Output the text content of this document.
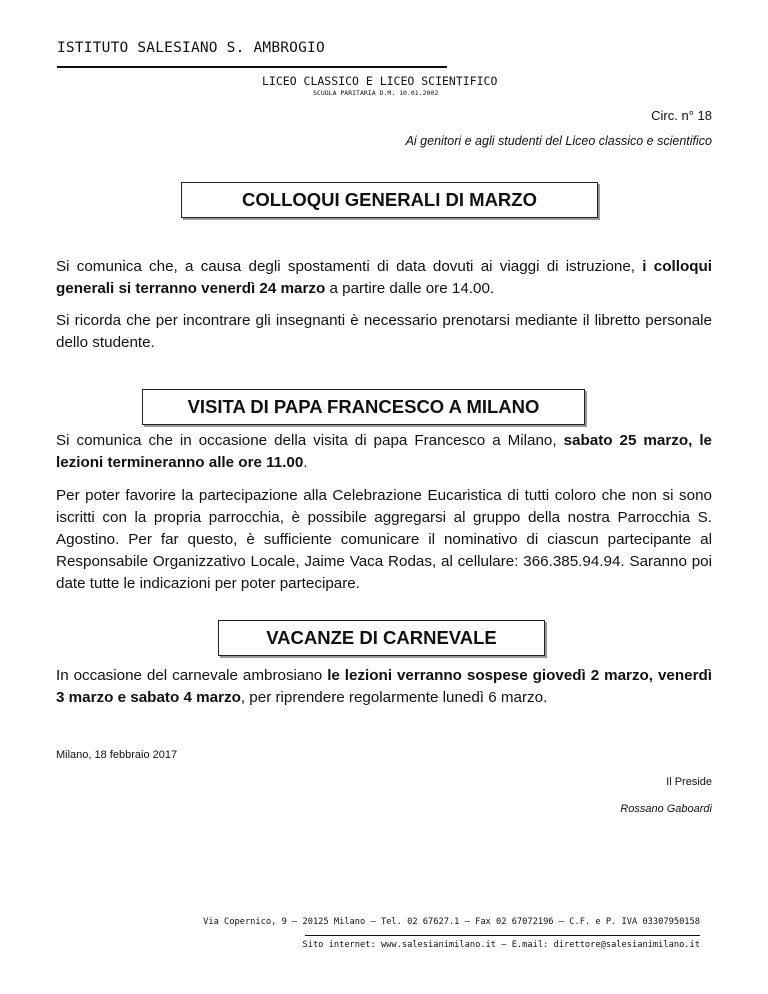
ISTITUTO SALESIANO S. AMBROGIO
LICEO CLASSICO E LICEO SCIENTIFICO
SCUOLA PARITARIA D.M. 10.01.2002
Circ. n° 18
Ai genitori e agli studenti del Liceo classico e scientifico
COLLOQUI GENERALI DI MARZO
Si comunica che, a causa degli spostamenti di data dovuti ai viaggi di istruzione, i colloqui generali si terranno venerdì 24 marzo a partire dalle ore 14.00.
Si ricorda che per incontrare gli insegnanti è necessario prenotarsi mediante il libretto personale dello studente.
VISITA DI PAPA FRANCESCO A MILANO
Si comunica che in occasione della visita di papa Francesco a Milano, sabato 25 marzo, le lezioni termineranno alle ore 11.00.
Per poter favorire la partecipazione alla Celebrazione Eucaristica di tutti coloro che non si sono iscritti con la propria parrocchia, è possibile aggregarsi al gruppo della nostra Parrocchia S. Agostino. Per far questo, è sufficiente comunicare il nominativo di ciascun partecipante al Responsabile Organizzativo Locale, Jaime Vaca Rodas, al cellulare: 366.385.94.94. Saranno poi date tutte le indicazioni per poter partecipare.
VACANZE DI CARNEVALE
In occasione del carnevale ambrosiano le lezioni verranno sospese giovedì 2 marzo, venerdì 3 marzo e sabato 4 marzo, per riprendere regolarmente lunedì 6 marzo.
Milano, 18 febbraio 2017
Il Preside
Rossano Gaboardi
Via Copernico, 9 – 20125 Milano – Tel. 02 67627.1 – Fax 02 67072196 – C.F. e P. IVA 03307950158
Sito internet: www.salesianimilano.it – E.mail: direttore@salesianimilano.it
